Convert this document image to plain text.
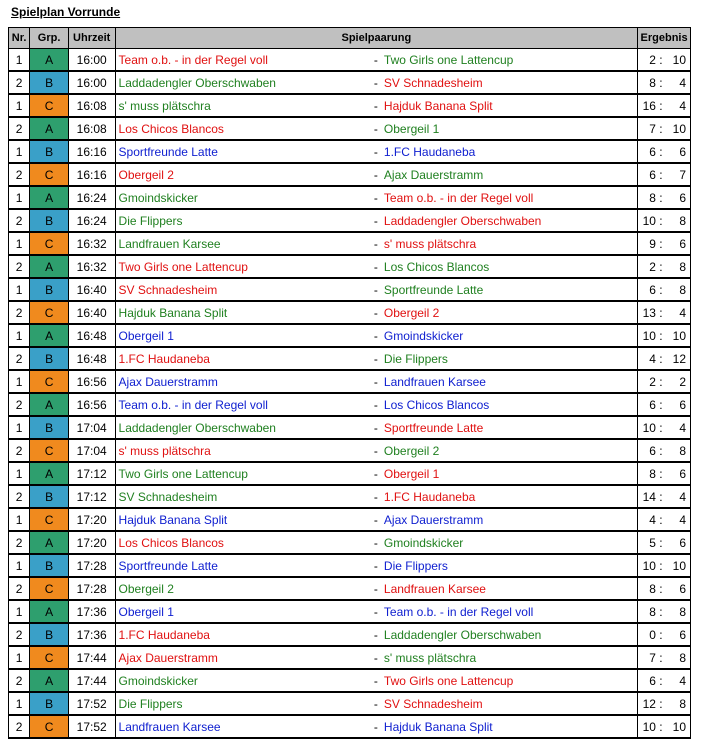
Spielplan Vorrunde
Nr.	Grp.	Uhrzeit	Spielpaarung			Ergebnis		
1	A	16:00	Team o.b. - in der Regel voll	-	Two Girls one Lattencup	2	:	10
2	B	16:00	Laddadengler Oberschwaben	-	SV Schnadesheim	8	:	4
1	C	16:08	s' muss plätschra	-	Hajduk Banana Split	16	:	4
2	A	16:08	Los Chicos Blancos	-	Obergeil 1	7	:	10
1	B	16:16	Sportfreunde Latte	-	1.FC Haudaneba	6	:	6
2	C	16:16	Obergeil 2	-	Ajax Dauerstramm	6	:	7
1	A	16:24	Gmoindskicker	-	Team o.b. - in der Regel voll	8	:	6
2	B	16:24	Die Flippers	-	Laddadengler Oberschwaben	10	:	8
1	C	16:32	Landfrauen Karsee	-	s' muss plätschra	9	:	6
2	A	16:32	Two Girls one Lattencup	-	Los Chicos Blancos	2	:	8
1	B	16:40	SV Schnadesheim	-	Sportfreunde Latte	6	:	8
2	C	16:40	Hajduk Banana Split	-	Obergeil 2	13	:	4
1	A	16:48	Obergeil 1	-	Gmoindskicker	10	:	10
2	B	16:48	1.FC Haudaneba	-	Die Flippers	4	:	12
1	C	16:56	Ajax Dauerstramm	-	Landfrauen Karsee	2	:	2
2	A	16:56	Team o.b. - in der Regel voll	-	Los Chicos Blancos	6	:	6
1	B	17:04	Laddadengler Oberschwaben	-	Sportfreunde Latte	10	:	4
2	C	17:04	s' muss plätschra	-	Obergeil 2	6	:	8
1	A	17:12	Two Girls one Lattencup	-	Obergeil 1	8	:	6
2	B	17:12	SV Schnadesheim	-	1.FC Haudaneba	14	:	4
1	C	17:20	Hajduk Banana Split	-	Ajax Dauerstramm	4	:	4
2	A	17:20	Los Chicos Blancos	-	Gmoindskicker	5	:	6
1	B	17:28	Sportfreunde Latte	-	Die Flippers	10	:	10
2	C	17:28	Obergeil 2	-	Landfrauen Karsee	8	:	6
1	A	17:36	Obergeil 1	-	Team o.b. - in der Regel voll	8	:	8
2	B	17:36	1.FC Haudaneba	-	Laddadengler Oberschwaben	0	:	6
1	C	17:44	Ajax Dauerstramm	-	s' muss plätschra	7	:	8
2	A	17:44	Gmoindskicker	-	Two Girls one Lattencup	6	:	4
1	B	17:52	Die Flippers	-	SV Schnadesheim	12	:	8
2	C	17:52	Landfrauen Karsee	-	Hajduk Banana Split	10	:	10
